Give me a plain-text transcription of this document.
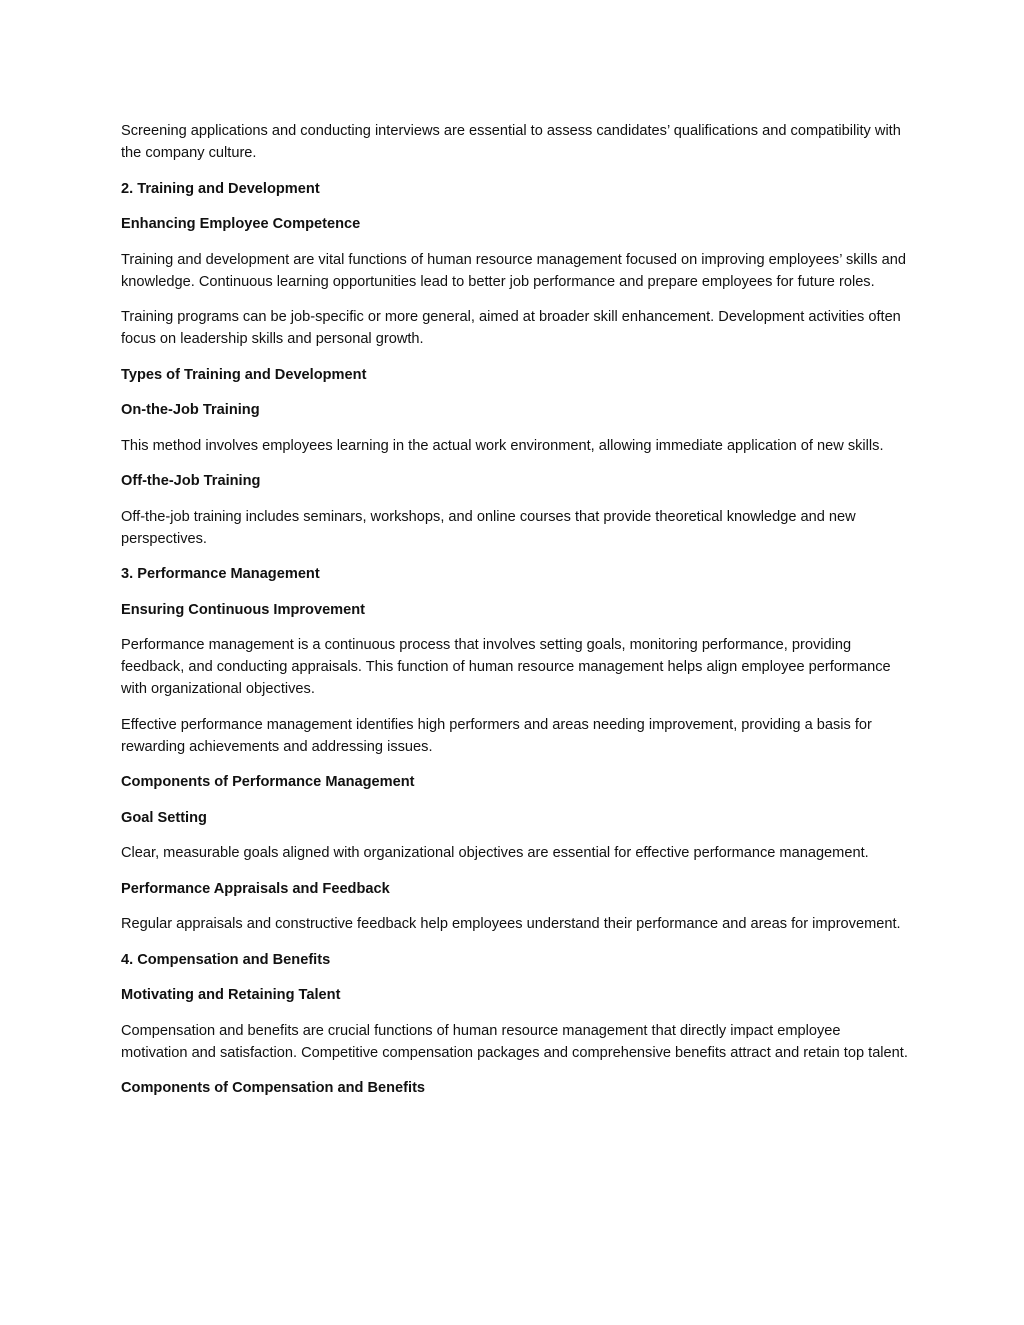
Screening applications and conducting interviews are essential to assess candidates’ qualifications and compatibility with the company culture.
2. Training and Development
Enhancing Employee Competence
Training and development are vital functions of human resource management focused on improving employees’ skills and knowledge. Continuous learning opportunities lead to better job performance and prepare employees for future roles.
Training programs can be job-specific or more general, aimed at broader skill enhancement. Development activities often focus on leadership skills and personal growth.
Types of Training and Development
On-the-Job Training
This method involves employees learning in the actual work environment, allowing immediate application of new skills.
Off-the-Job Training
Off-the-job training includes seminars, workshops, and online courses that provide theoretical knowledge and new perspectives.
3. Performance Management
Ensuring Continuous Improvement
Performance management is a continuous process that involves setting goals, monitoring performance, providing feedback, and conducting appraisals. This function of human resource management helps align employee performance with organizational objectives.
Effective performance management identifies high performers and areas needing improvement, providing a basis for rewarding achievements and addressing issues.
Components of Performance Management
Goal Setting
Clear, measurable goals aligned with organizational objectives are essential for effective performance management.
Performance Appraisals and Feedback
Regular appraisals and constructive feedback help employees understand their performance and areas for improvement.
4. Compensation and Benefits
Motivating and Retaining Talent
Compensation and benefits are crucial functions of human resource management that directly impact employee motivation and satisfaction. Competitive compensation packages and comprehensive benefits attract and retain top talent.
Components of Compensation and Benefits
